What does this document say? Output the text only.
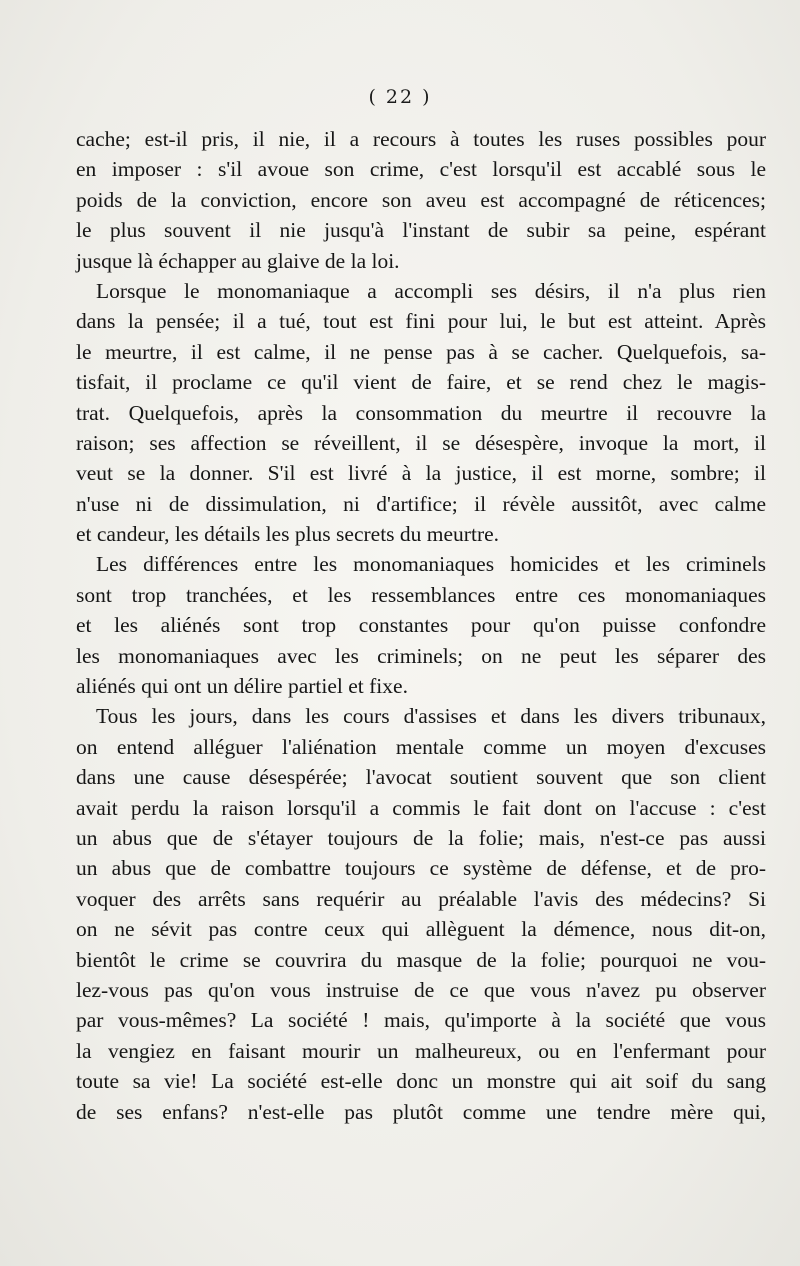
( 22 )
cache; est-il pris, il nie, il a recours à toutes les ruses possibles pour
en imposer : s'il avoue son crime, c'est lorsqu'il est accablé sous le
poids de la conviction, encore son aveu est accompagné de réticences;
le plus souvent il nie jusqu'à l'instant de subir sa peine, espérant
jusque là échapper au glaive de la loi.
Lorsque le monomaniaque a accompli ses désirs, il n'a plus rien
dans la pensée; il a tué, tout est fini pour lui, le but est atteint. Après
le meurtre, il est calme, il ne pense pas à se cacher. Quelquefois, sa-
tisfait, il proclame ce qu'il vient de faire, et se rend chez le magis-
trat. Quelquefois, après la consommation du meurtre il recouvre la
raison; ses affection se réveillent, il se désespère, invoque la mort, il
veut se la donner. S'il est livré à la justice, il est morne, sombre; il
n'use ni de dissimulation, ni d'artifice; il révèle aussitôt, avec calme
et candeur, les détails les plus secrets du meurtre.
Les différences entre les monomaniaques homicides et les criminels
sont trop tranchées, et les ressemblances entre ces monomaniaques
et les aliénés sont trop constantes pour qu'on puisse confondre
les monomaniaques avec les criminels; on ne peut les séparer des
aliénés qui ont un délire partiel et fixe.
Tous les jours, dans les cours d'assises et dans les divers tribunaux,
on entend alléguer l'aliénation mentale comme un moyen d'excuses
dans une cause désespérée; l'avocat soutient souvent que son client
avait perdu la raison lorsqu'il a commis le fait dont on l'accuse : c'est
un abus que de s'étayer toujours de la folie; mais, n'est-ce pas aussi
un abus que de combattre toujours ce système de défense, et de pro-
voquer des arrêts sans requérir au préalable l'avis des médecins? Si
on ne sévit pas contre ceux qui allèguent la démence, nous dit-on,
bientôt le crime se couvrira du masque de la folie; pourquoi ne vou-
lez-vous pas qu'on vous instruise de ce que vous n'avez pu observer
par vous-mêmes? La société ! mais, qu'importe à la société que vous
la vengiez en faisant mourir un malheureux, ou en l'enfermant pour
toute sa vie! La société est-elle donc un monstre qui ait soif du sang
de ses enfans? n'est-elle pas plutôt comme une tendre mère qui,
